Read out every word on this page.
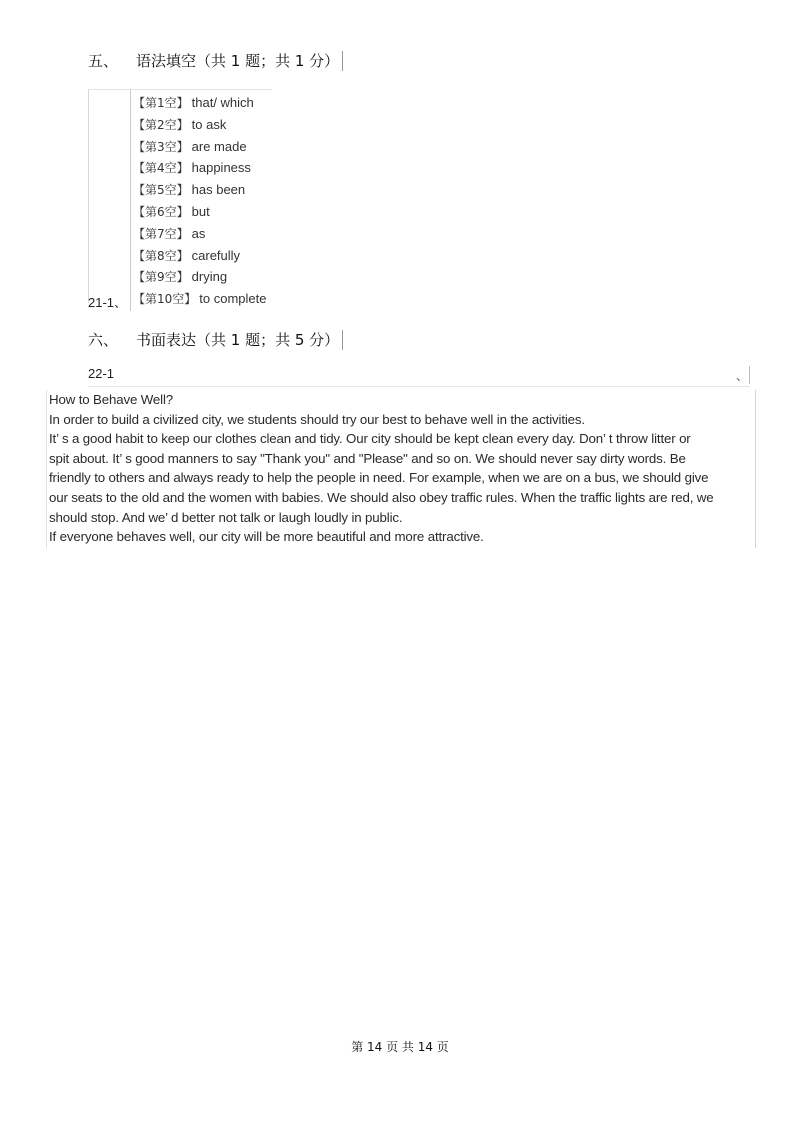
五、 语法填空（共 1 题；共 1 分）
21-1、
【第1空】 that/ which
【第2空】 to ask
【第3空】 are made
【第4空】 happiness
【第5空】 has been
【第6空】 but
【第7空】 as
【第8空】 carefully
【第9空】 drying
【第10空】 to complete
六、 书面表达（共 1 题；共 5 分）
22-1	、

How to Behave Well?

In order to build a civilized city, we students should try our best to behave well in the activities.

It’ s a good habit to keep our clothes clean and tidy. Our city should be kept clean every day. Don’ t throw litter or

spit about. It’ s good manners to say "Thank you" and "Please" and so on. We should never say dirty words. Be

friendly to others and always ready to help the people in need. For example, when we are on a bus, we should give

our seats to the old and the women with babies. We should also obey traffic rules. When the traffic lights are red, we

should stop. And we’ d better not talk or laugh loudly in public.

If everyone behaves well, our city will be more beautiful and more attractive.

第 14 页 共 14 页
